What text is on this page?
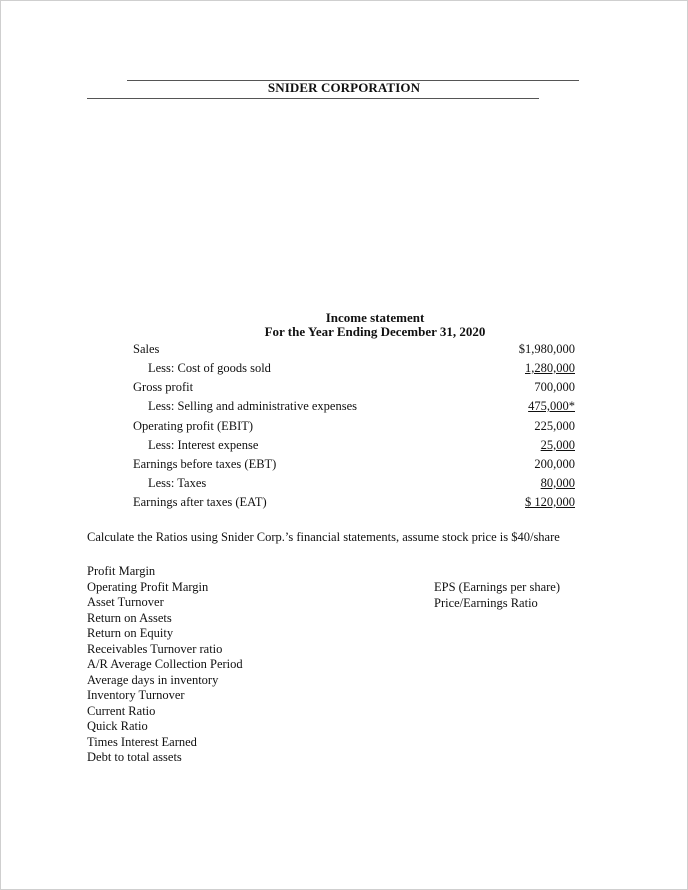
SNIDER CORPORATION
Income statement
For the Year Ending December 31, 2020
Sales	$1,980,000
Less: Cost of goods sold	1,280,000
Gross profit	700,000
Less: Selling and administrative expenses	475,000*
Operating profit (EBIT)	225,000
Less: Interest expense	25,000
Earnings before taxes (EBT)	200,000
Less: Taxes	80,000
Earnings after taxes (EAT)	$ 120,000
Calculate the Ratios using Snider Corp.’s financial statements, assume stock price is $40/share
Profit Margin
Operating Profit Margin
Asset Turnover
Return on Assets
Return on Equity
Receivables Turnover ratio
A/R Average Collection Period
Average days in inventory
Inventory Turnover
Current Ratio
Quick Ratio
Times Interest Earned
Debt to total assets
EPS (Earnings per share)
Price/Earnings Ratio
